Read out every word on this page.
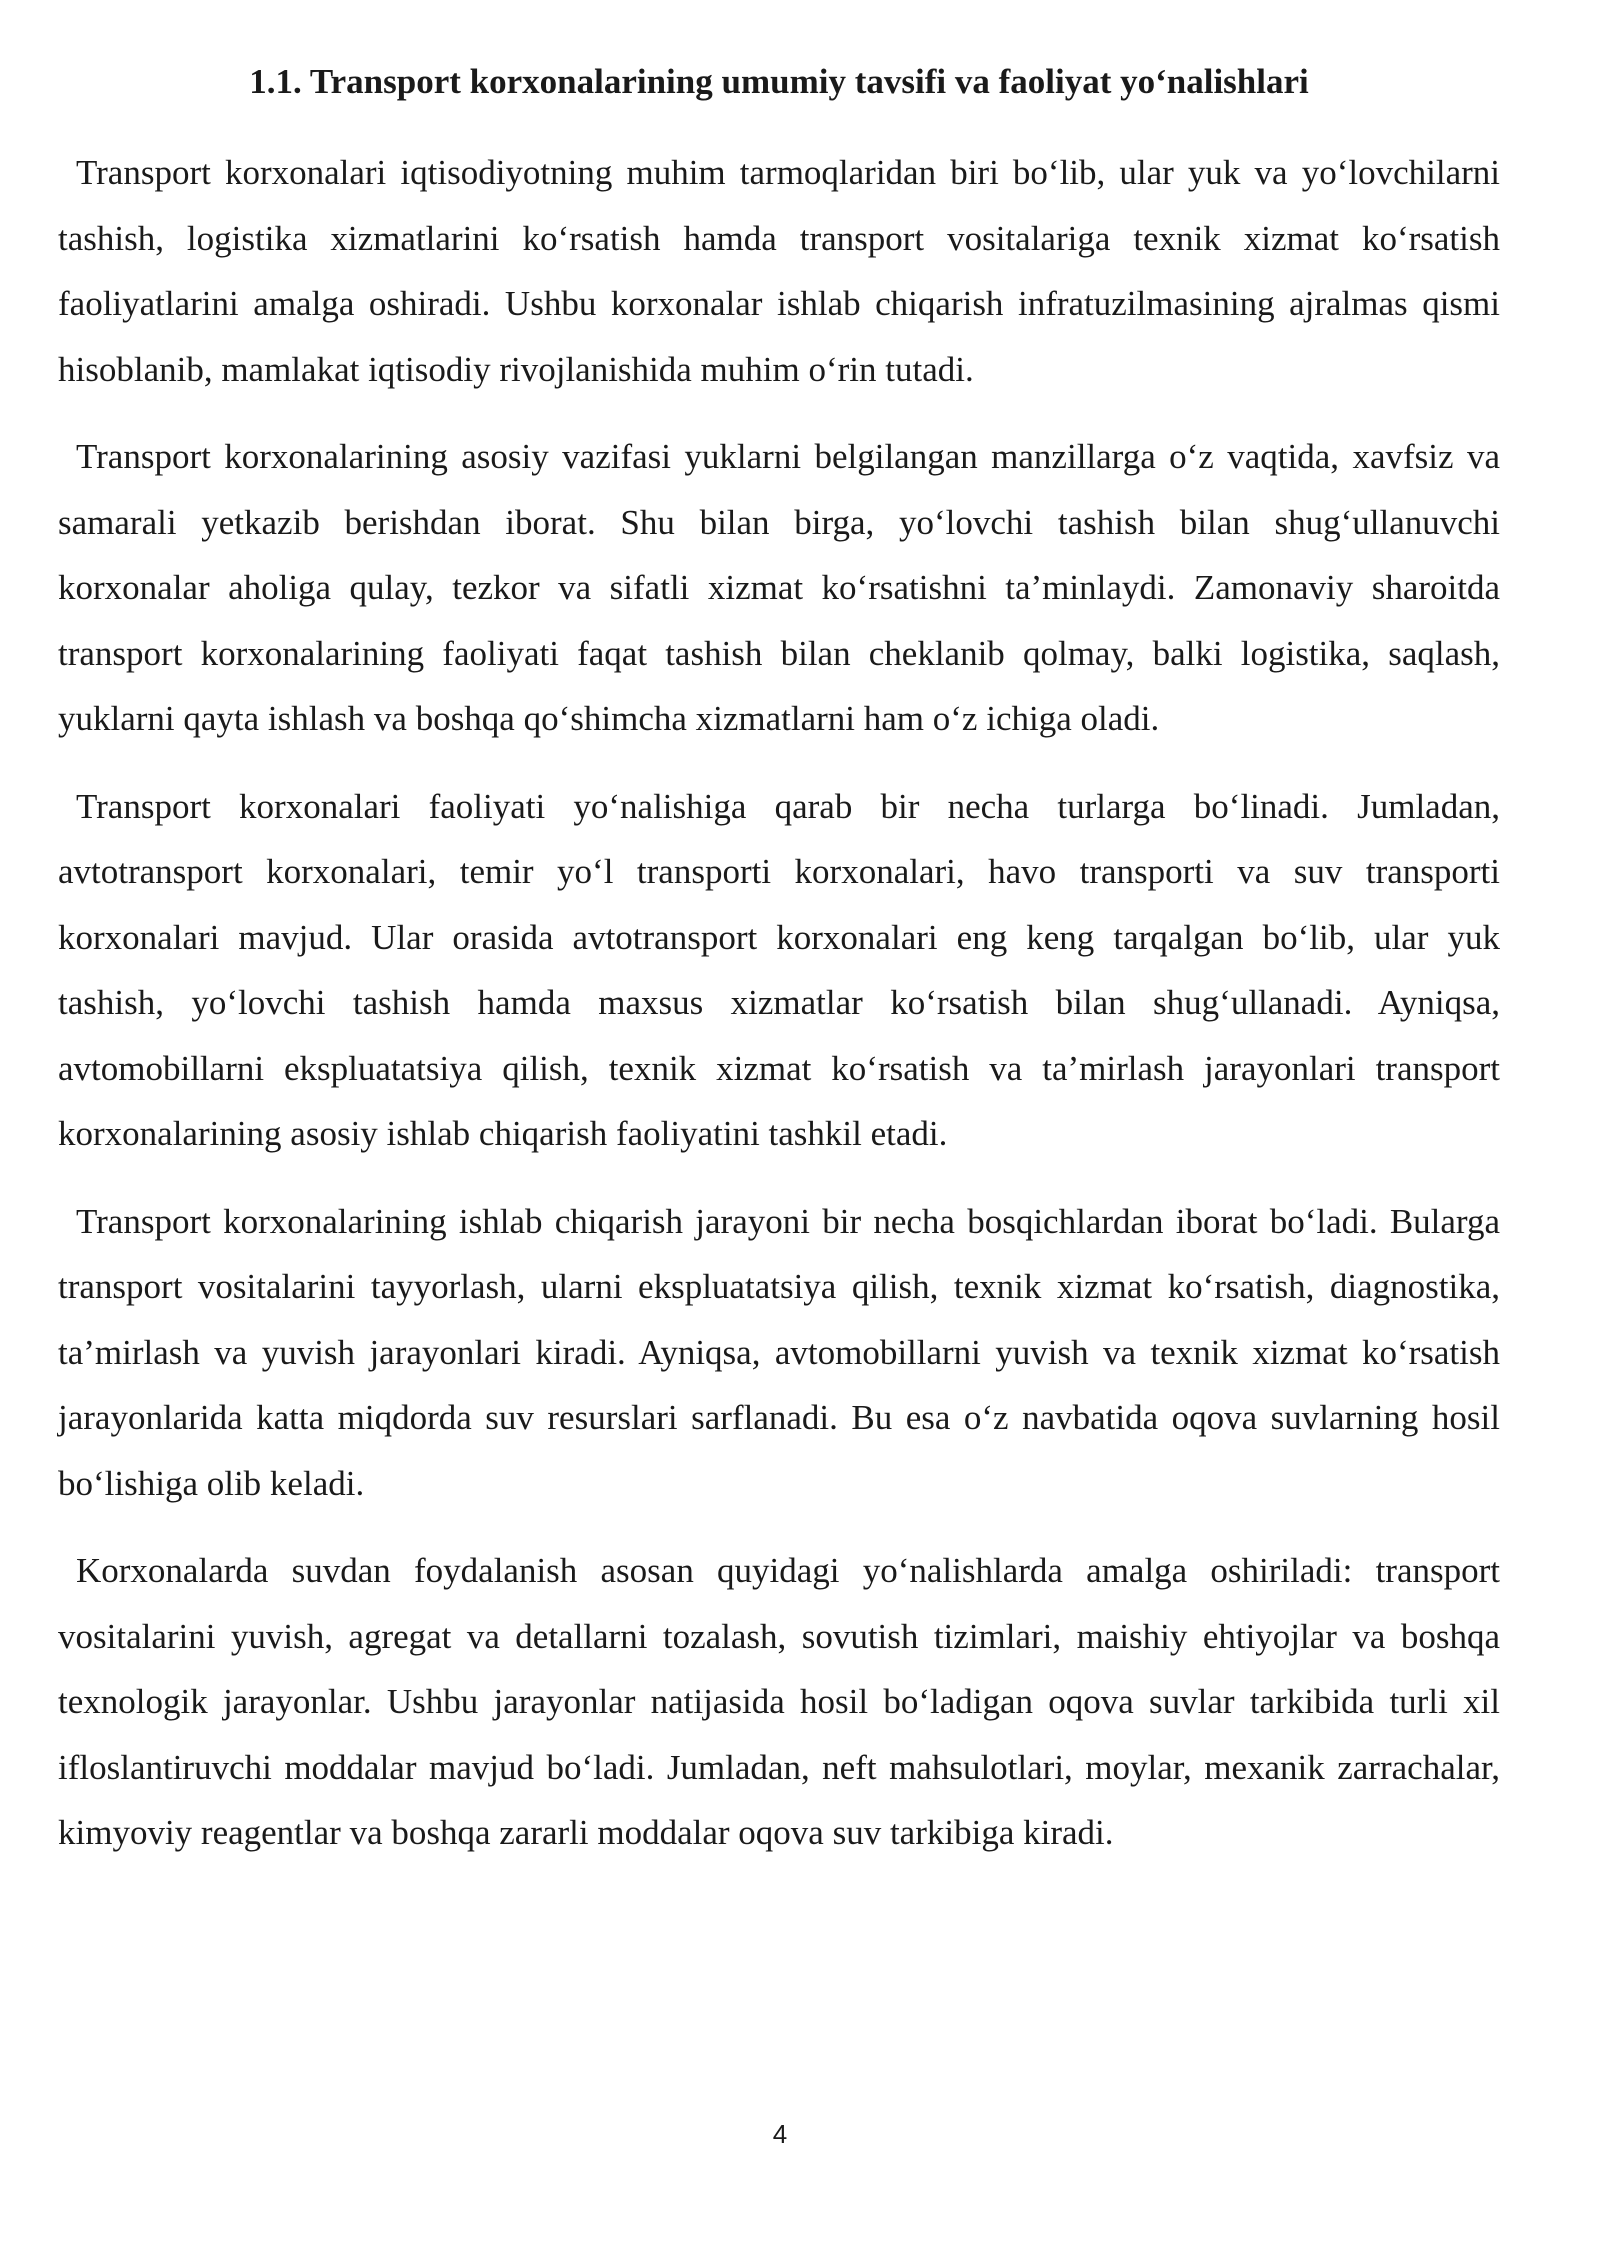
1.1. Transport korxonalarining umumiy tavsifi va faoliyat yo‘nalishlari

Transport korxonalari iqtisodiyotning muhim tarmoqlaridan biri bo‘lib, ular yuk va yo‘lovchilarni tashish, logistika xizmatlarini ko‘rsatish hamda transport vositalariga texnik xizmat ko‘rsatish faoliyatlarini amalga oshiradi. Ushbu korxonalar ishlab chiqarish infratuzilmasining ajralmas qismi hisoblanib, mamlakat iqtisodiy rivojlanishida muhim o‘rin tutadi.

Transport korxonalarining asosiy vazifasi yuklarni belgilangan manzillarga o‘z vaqtida, xavfsiz va samarali yetkazib berishdan iborat. Shu bilan birga, yo‘lovchi tashish bilan shug‘ullanuvchi korxonalar aholiga qulay, tezkor va sifatli xizmat ko‘rsatishni ta’minlaydi. Zamonaviy sharoitda transport korxonalarining faoliyati faqat tashish bilan cheklanib qolmay, balki logistika, saqlash, yuklarni qayta ishlash va boshqa qo‘shimcha xizmatlarni ham o‘z ichiga oladi.

Transport korxonalari faoliyati yo‘nalishiga qarab bir necha turlarga bo‘linadi. Jumladan, avtotransport korxonalari, temir yo‘l transporti korxonalari, havo transporti va suv transporti korxonalari mavjud. Ular orasida avtotransport korxonalari eng keng tarqalgan bo‘lib, ular yuk tashish, yo‘lovchi tashish hamda maxsus xizmatlar ko‘rsatish bilan shug‘ullanadi. Ayniqsa, avtomobillarni ekspluatatsiya qilish, texnik xizmat ko‘rsatish va ta’mirlash jarayonlari transport korxonalarining asosiy ishlab chiqarish faoliyatini tashkil etadi.

Transport korxonalarining ishlab chiqarish jarayoni bir necha bosqichlardan iborat bo‘ladi. Bularga transport vositalarini tayyorlash, ularni ekspluatatsiya qilish, texnik xizmat ko‘rsatish, diagnostika, ta’mirlash va yuvish jarayonlari kiradi. Ayniqsa, avtomobillarni yuvish va texnik xizmat ko‘rsatish jarayonlarida katta miqdorda suv resurslari sarflanadi. Bu esa o‘z navbatida oqova suvlarning hosil bo‘lishiga olib keladi.

Korxonalarda suvdan foydalanish asosan quyidagi yo‘nalishlarda amalga oshiriladi: transport vositalarini yuvish, agregat va detallarni tozalash, sovutish tizimlari, maishiy ehtiyojlar va boshqa texnologik jarayonlar. Ushbu jarayonlar natijasida hosil bo‘ladigan oqova suvlar tarkibida turli xil ifloslantiruvchi moddalar mavjud bo‘ladi. Jumladan, neft mahsulotlari, moylar, mexanik zarrachalar, kimyoviy reagentlar va boshqa zararli moddalar oqova suv tarkibiga kiradi.

4
